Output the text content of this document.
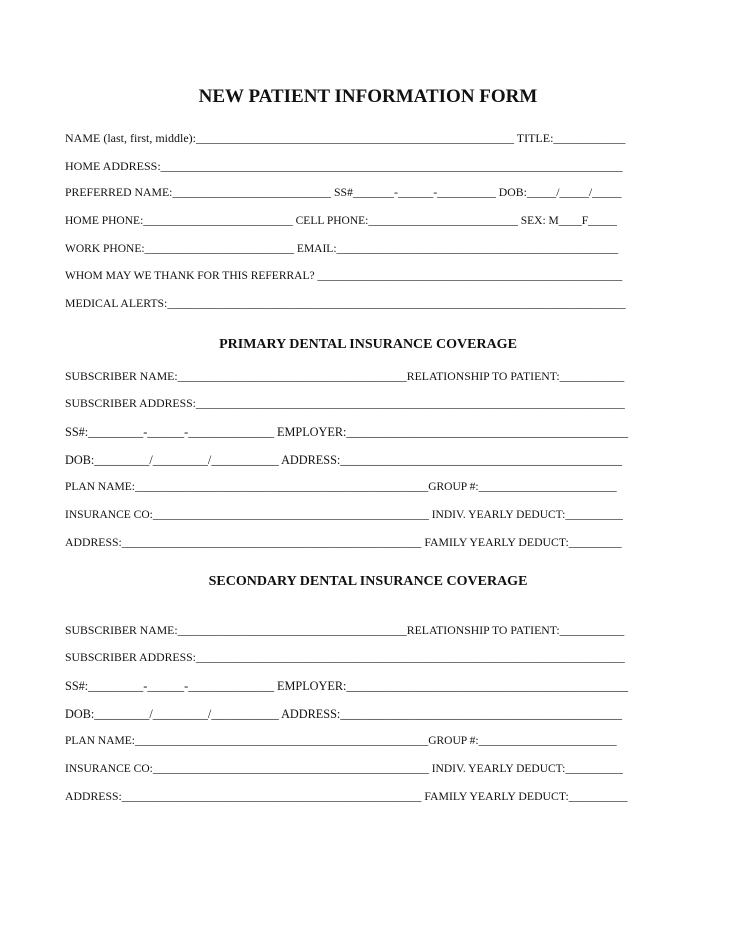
NEW PATIENT INFORMATION FORM
NAME (last, first, middle):_____________________________________________________ TITLE:____________
HOME ADDRESS:_____________________________________________________________________________
PREFERRED NAME:___________________________ SS#_______-______-__________ DOB:_____/_____/_____
HOME PHONE:__________________________ CELL PHONE:__________________________ SEX: M____F_____
WORK PHONE:__________________________ EMAIL:_________________________________________________
WHOM MAY WE THANK FOR THIS REFERRAL? _____________________________________________________
MEDICAL ALERTS:______________________________________________________________________________
PRIMARY DENTAL INSURANCE COVERAGE
SUBSCRIBER NAME:_______________________________________RELATIONSHIP TO PATIENT:___________
SUBSCRIBER ADDRESS:_________________________________________________________________________
SS#:_________-______-______________ EMPLOYER:______________________________________________
DOB:_________/_________/___________ ADDRESS:______________________________________________
PLAN NAME:___________________________________________________GROUP #:________________________
INSURANCE CO:________________________________________________ INDIV. YEARLY DEDUCT:__________
ADDRESS:___________________________________________________ FAMILY YEARLY DEDUCT:_________
SECONDARY DENTAL INSURANCE COVERAGE
SUBSCRIBER NAME:_______________________________________RELATIONSHIP TO PATIENT:___________
SUBSCRIBER ADDRESS:_________________________________________________________________________
SS#:_________-______-______________ EMPLOYER:______________________________________________
DOB:_________/_________/___________ ADDRESS:______________________________________________
PLAN NAME:___________________________________________________GROUP #:________________________
INSURANCE CO:________________________________________________ INDIV. YEARLY DEDUCT:__________
ADDRESS:___________________________________________________ FAMILY YEARLY DEDUCT:__________
